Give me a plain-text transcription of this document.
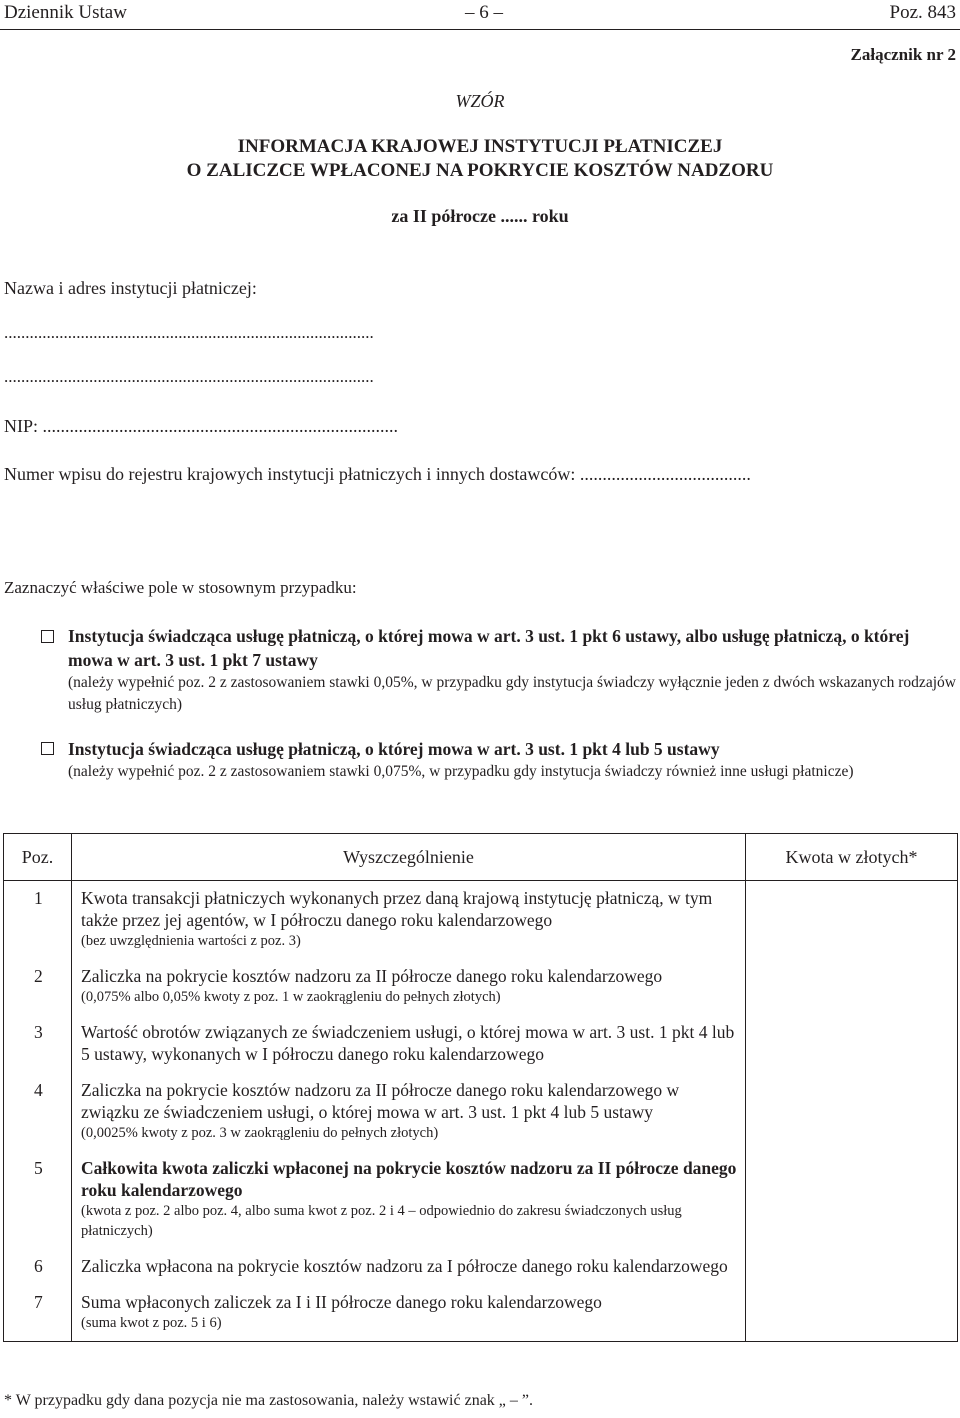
Dziennik Ustaw	– 6 –	Poz. 843
Załącznik nr 2
WZÓR
INFORMACJA KRAJOWEJ INSTYTUCJI PŁATNICZEJ
O ZALICZCE WPŁACONEJ NA POKRYCIE KOSZTÓW NADZORU
za II półrocze ...... roku
Nazwa i adres instytucji płatniczej:
.......................................................................................
.......................................................................................
NIP: ...............................................................................
Numer wpisu do rejestru krajowych instytucji płatniczych i innych dostawców: ......................................
Zaznaczyć właściwe pole w stosownym przypadku:
Instytucja świadcząca usługę płatniczą, o której mowa w art. 3 ust. 1 pkt 6 ustawy, albo usługę płatniczą, o której mowa w art. 3 ust. 1 pkt 7 ustawy
(należy wypełnić poz. 2 z zastosowaniem stawki 0,05%, w przypadku gdy instytucja świadczy wyłącznie jeden z dwóch wskazanych rodzajów usług płatniczych)
Instytucja świadcząca usługę płatniczą, o której mowa w art. 3 ust. 1 pkt 4 lub 5 ustawy
(należy wypełnić poz. 2 z zastosowaniem stawki 0,075%, w przypadku gdy instytucja świadczy również inne usługi płatnicze)
Poz.	Wyszczególnienie	Kwota w złotych*
1	Kwota transakcji płatniczych wykonanych przez daną krajową instytucję płatniczą, w tym także przez jej agentów, w I półroczu danego roku kalendarzowego
(bez uwzględnienia wartości z poz. 3)	

2	Zaliczka na pokrycie kosztów nadzoru za II półrocze danego roku kalendarzowego
(0,075% albo 0,05% kwoty z poz. 1 w zaokrągleniu do pełnych złotych)	

3	Wartość obrotów związanych ze świadczeniem usługi, o której mowa w art. 3 ust. 1 pkt 4 lub 5 ustawy, wykonanych w I półroczu danego roku kalendarzowego	
4	Zaliczka na pokrycie kosztów nadzoru za II półrocze danego roku kalendarzowego w związku ze świadczeniem usługi, o której mowa w art. 3 ust. 1 pkt 4 lub 5 ustawy
(0,0025% kwoty z poz. 3 w zaokrągleniu do pełnych złotych)	

5	Całkowita kwota zaliczki wpłaconej na pokrycie kosztów nadzoru za II półrocze danego roku kalendarzowego
(kwota z poz. 2 albo poz. 4, albo suma kwot z poz. 2 i 4 – odpowiednio do zakresu świadczonych usług płatniczych)	

6	Zaliczka wpłacona na pokrycie kosztów nadzoru za I półrocze danego roku kalendarzowego	
7	Suma wpłaconych zaliczek za I i II półrocze danego roku kalendarzowego
(suma kwot z poz. 5 i 6)	

* W przypadku gdy dana pozycja nie ma zastosowania, należy wstawić znak „ – ”.
